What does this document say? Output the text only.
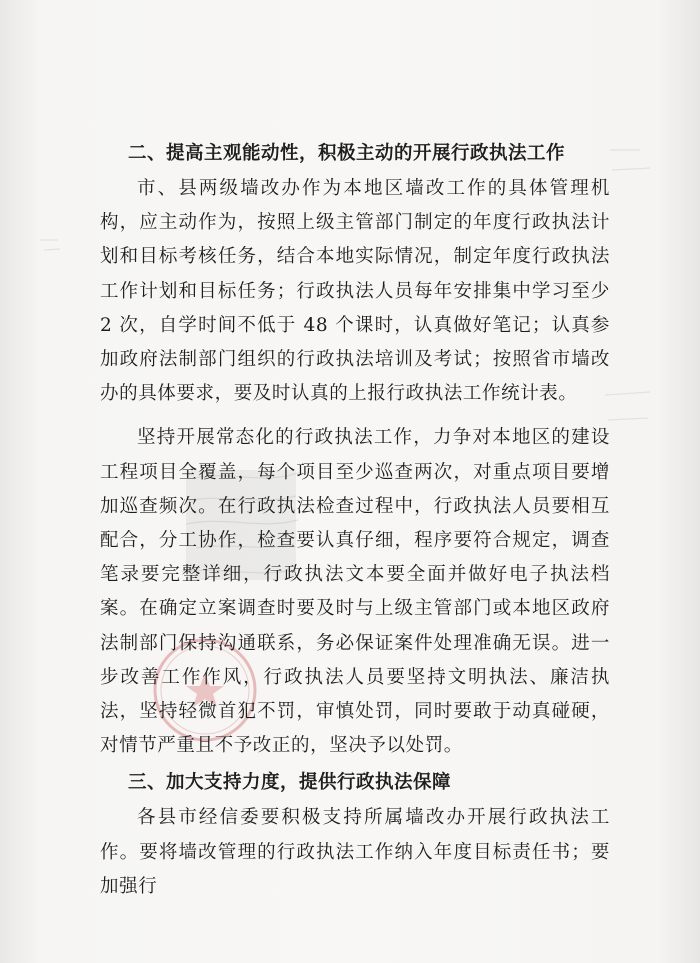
二、提高主观能动性，积极主动的开展行政执法工作

市、县两级墙改办作为本地区墙改工作的具体管理机构，应主动作为，按照上级主管部门制定的年度行政执法计划和目标考核任务，结合本地实际情况，制定年度行政执法工作计划和目标任务；行政执法人员每年安排集中学习至少 2 次，自学时间不低于 48 个课时，认真做好笔记；认真参加政府法制部门组织的行政执法培训及考试；按照省市墙改办的具体要求，要及时认真的上报行政执法工作统计表。

坚持开展常态化的行政执法工作，力争对本地区的建设工程项目全覆盖，每个项目至少巡查两次，对重点项目要增加巡查频次。在行政执法检查过程中，行政执法人员要相互配合，分工协作，检查要认真仔细，程序要符合规定，调查笔录要完整详细，行政执法文本要全面并做好电子执法档案。在确定立案调查时要及时与上级主管部门或本地区政府法制部门保持沟通联系，务必保证案件处理准确无误。进一步改善工作作风，行政执法人员要坚持文明执法、廉洁执法，坚持轻微首犯不罚，审慎处罚，同时要敢于动真碰硬，对情节严重且不予改正的，坚决予以处罚。

三、加大支持力度，提供行政执法保障

各县市经信委要积极支持所属墙改办开展行政执法工作。要将墙改管理的行政执法工作纳入年度目标责任书；要加强行
